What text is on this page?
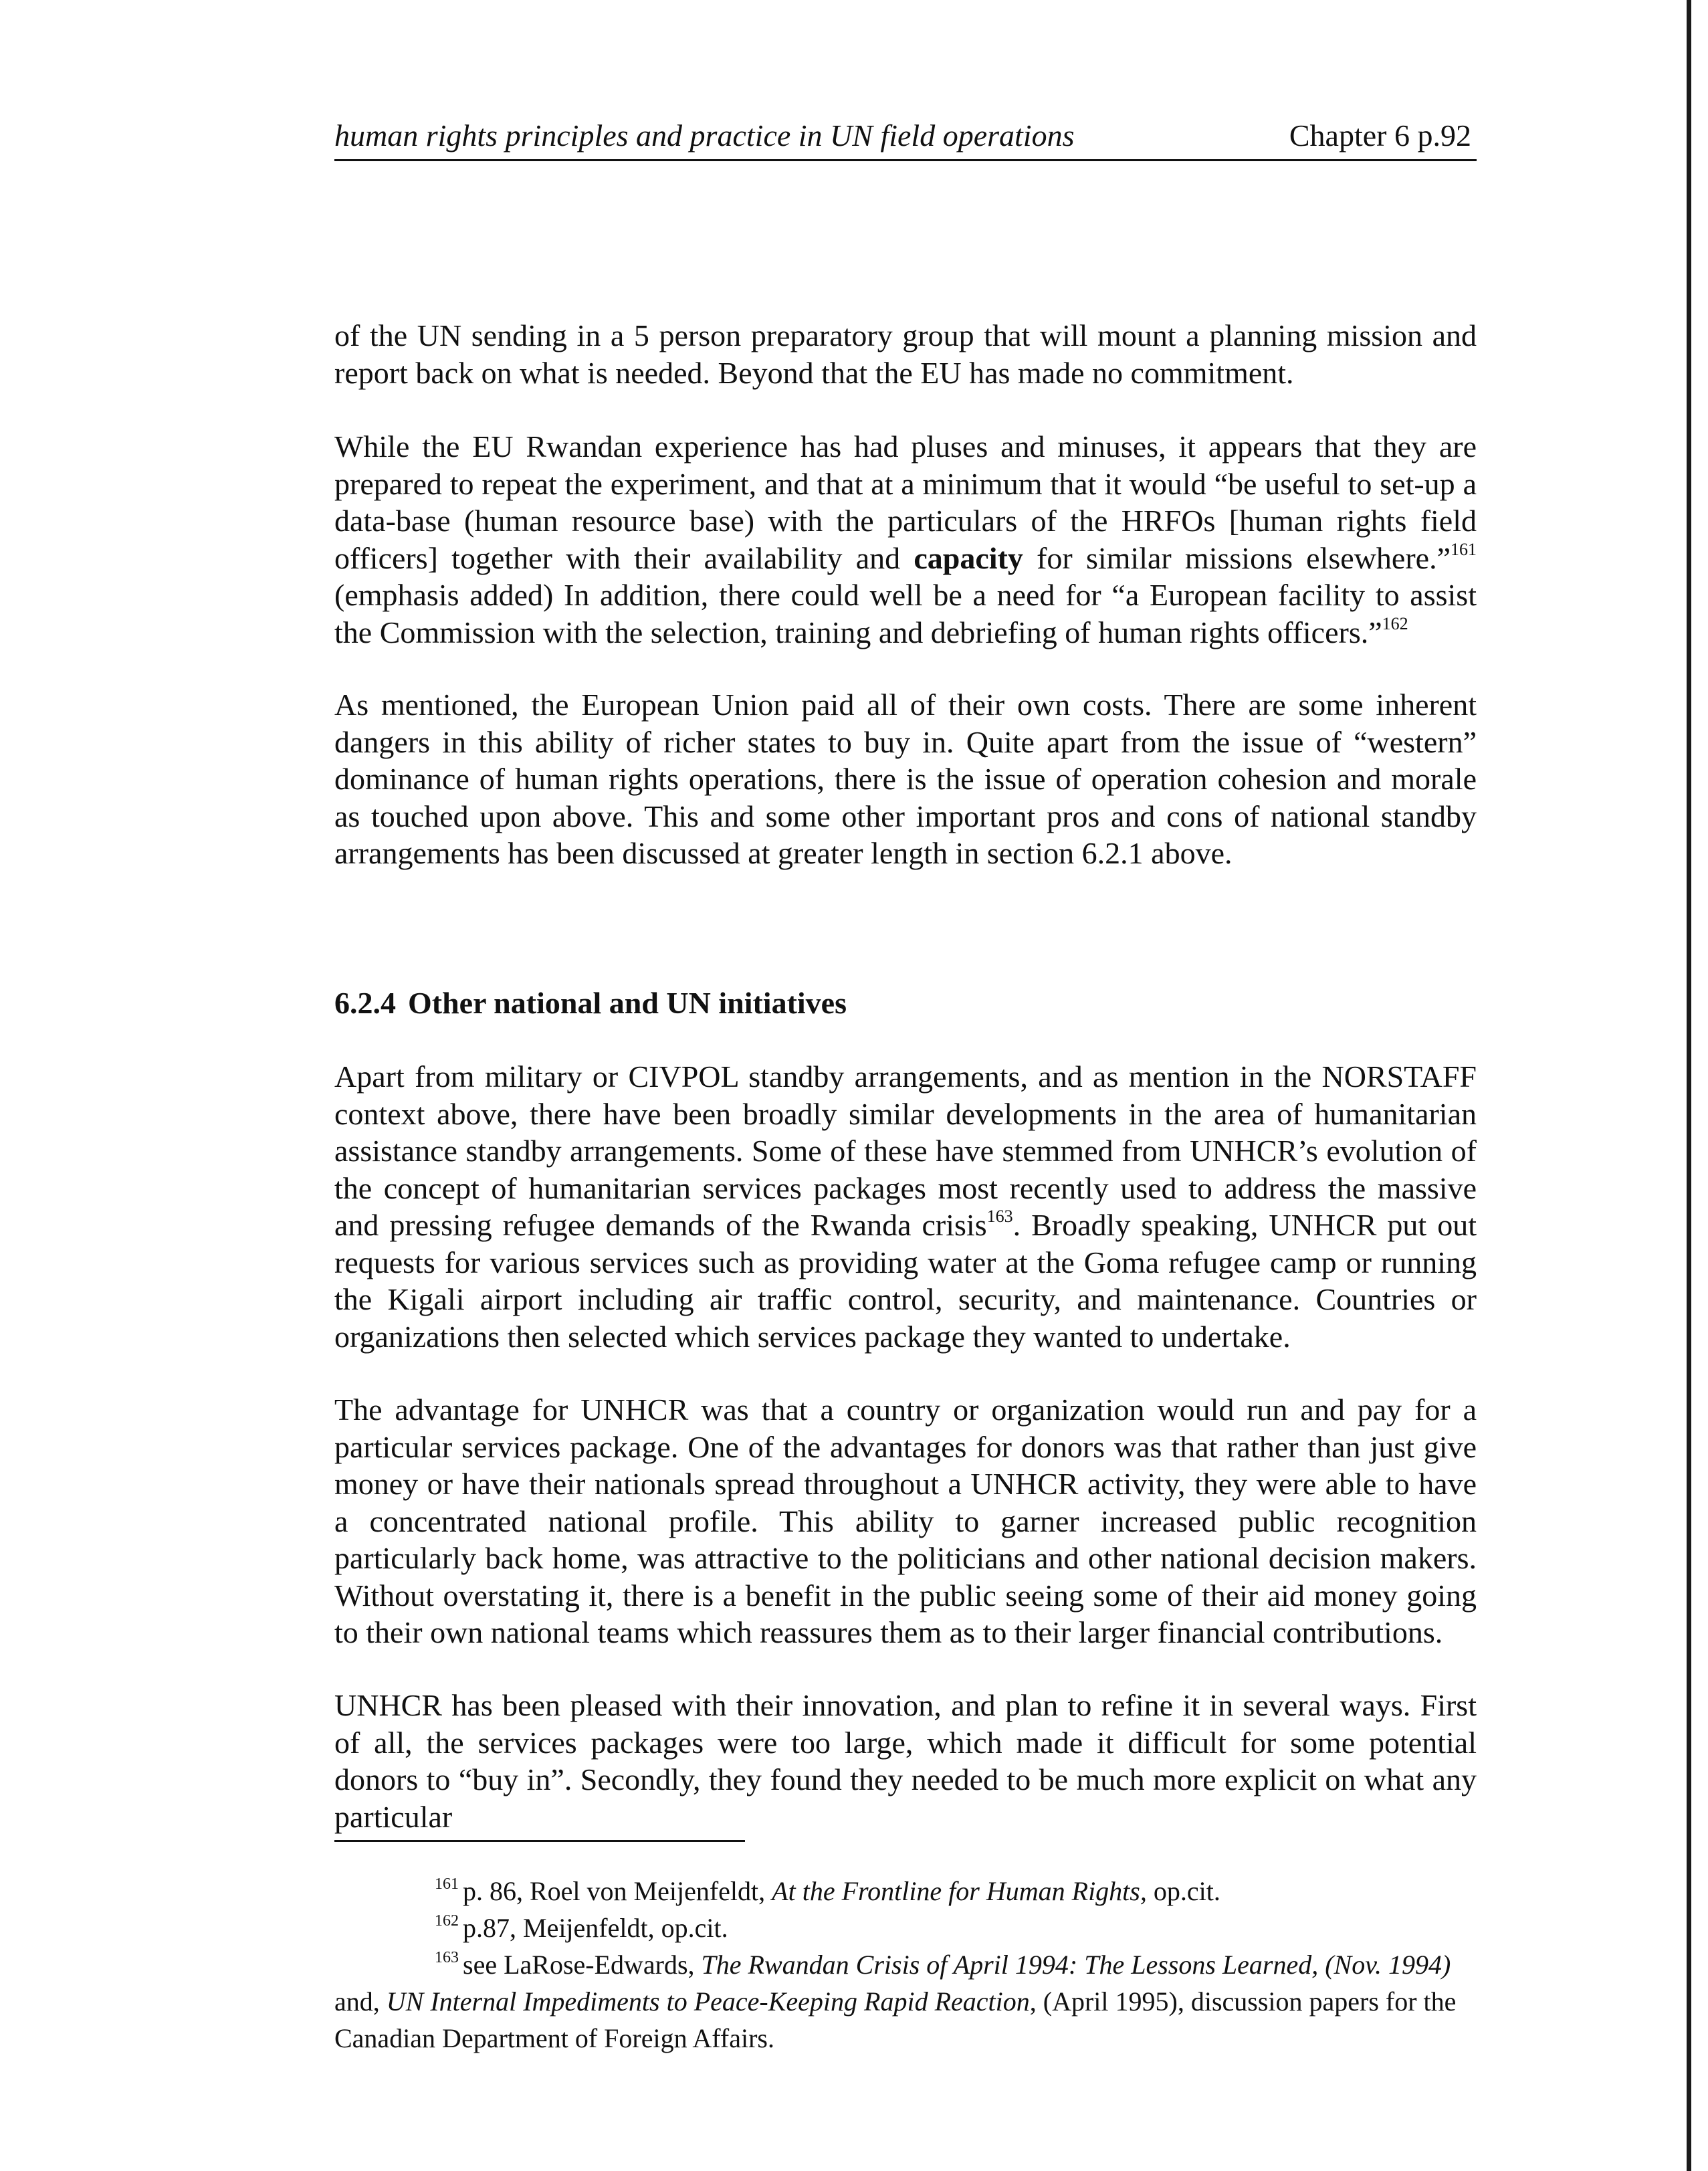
human rights principles and practice in UN field operations	Chapter 6 p.92

of the UN sending in a 5 person preparatory group that will mount a planning mission and report back on what is needed. Beyond that the EU has made no commitment.

While the EU Rwandan experience has had pluses and minuses, it appears that they are prepared to repeat the experiment, and that at a minimum that it would “be useful to set-up a data-base (human resource base) with the particulars of the HRFOs [human rights field officers] together with their availability and capacity for similar missions elsewhere.”$^{161}$ (emphasis added) In addition, there could well be a need for “a European facility to assist the Commission with the selection, training and debriefing of human rights officers.”$^{162}$

As mentioned, the European Union paid all of their own costs. There are some inherent dangers in this ability of richer states to buy in. Quite apart from the issue of “western” dominance of human rights operations, there is the issue of operation cohesion and morale as touched upon above. This and some other important pros and cons of national standby arrangements has been discussed at greater length in section 6.2.1 above.

6.2.4 Other national and UN initiatives

Apart from military or CIVPOL standby arrangements, and as mention in the NORSTAFF context above, there have been broadly similar developments in the area of humanitarian assistance standby arrangements. Some of these have stemmed from UNHCR’s evolution of the concept of humanitarian services packages most recently used to address the massive and pressing refugee demands of the Rwanda crisis$^{163}$. Broadly speaking, UNHCR put out requests for various services such as providing water at the Goma refugee camp or running the Kigali airport including air traffic control, security, and maintenance. Countries or organizations then selected which services package they wanted to undertake.

The advantage for UNHCR was that a country or organization would run and pay for a particular services package. One of the advantages for donors was that rather than just give money or have their nationals spread throughout a UNHCR activity, they were able to have a concentrated national profile. This ability to garner increased public recognition particularly back home, was attractive to the politicians and other national decision makers. Without overstating it, there is a benefit in the public seeing some of their aid money going to their own national teams which reassures them as to their larger financial contributions.

UNHCR has been pleased with their innovation, and plan to refine it in several ways. First of all, the services packages were too large, which made it difficult for some potential donors to “buy in”. Secondly, they found they needed to be much more explicit on what any particular

$^{161}$ p. 86, Roel von Meijenfeldt, At the Frontline for Human Rights, op.cit.
$^{162}$ p.87, Meijenfeldt, op.cit.
$^{163}$ see LaRose-Edwards, The Rwandan Crisis of April 1994: The Lessons Learned, (Nov. 1994) and, UN Internal Impediments to Peace-Keeping Rapid Reaction, (April 1995), discussion papers for the Canadian Department of Foreign Affairs.
